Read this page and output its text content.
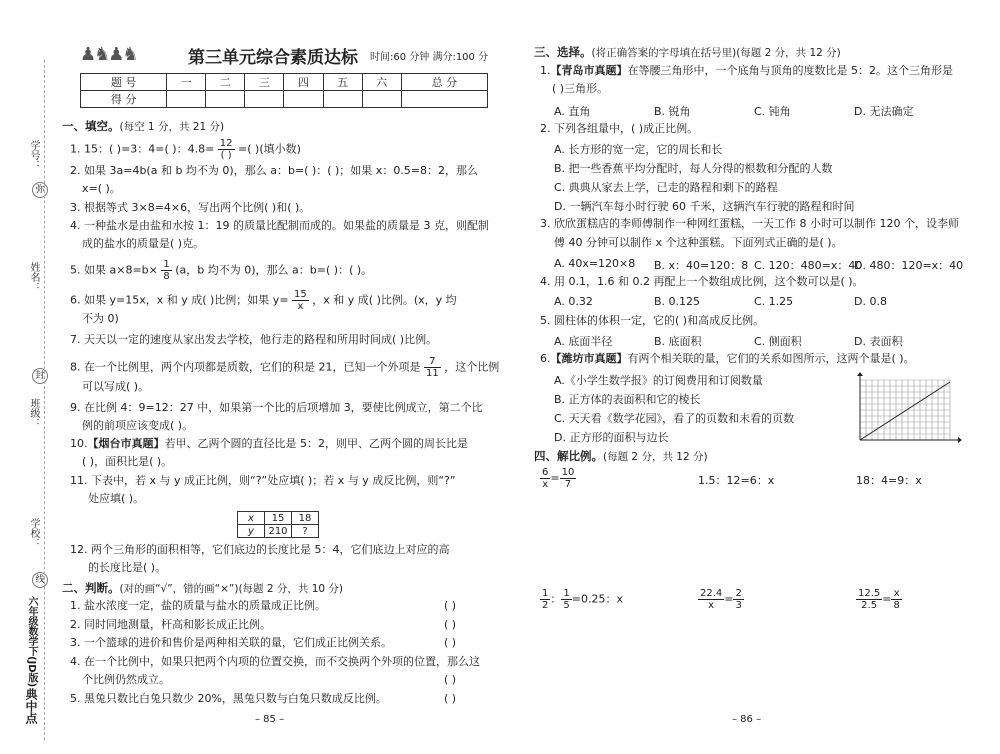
学号：
弥
姓名：
封
班级：
学校：
线
六年级数学下(JD版)
典中点
♟♞♟♞	第三单元综合素质达标 时间:60 分钟 满分:100 分
题 号	一	二	三	四	五	六	总 分
得 分							
一、填空。(每空 1 分，共 21 分)
1. 15：( )=3：4=( )：$4.8= \frac{12}{( )}$ =( )(填小数)
2. 如果 3a=4b(a 和 b 均不为 0)，那么 a：b=( )：( )；如果 x：0.5=8：2，那么
x=( )。
3. 根据等式 3×8=4×6，写出两个比例( )和( )。
4. 一种盐水是由盐和水按 1：19 的质量比配制而成的。如果盐的质量是 3 克，则配制
成的盐水的质量是( )克。
5. 如果 $a\times 8=b\times \frac{1}{8} (a$，b 均不为 0)，那么 a：b=( )：( )。
6. 如果 y=15x，x 和 y 成( )比例；如果 $y= \frac{15}{x}$ ，x 和 y 成( )比例。(x，y 均
不为 0)
7. 天天以一定的速度从家出发去学校，他行走的路程和所用时间成( )比例。
8. 在一个比例里，两个内项都是质数，它们的积是 21，已知一个外项是 $\frac{7}{11}$ ，这个比例
可以写成( )。
9. 在比例 4：9=12：27 中，如果第一个比的后项增加 3，要使比例成立，第二个比
例的前项应该变成( )。
10.【烟台市真题】若甲、乙两个圆的直径比是 5：2，则甲、乙两个圆的周长比是
( )，面积比是( )。
11. 下表中，若 x 与 y 成正比例，则“?”处应填( )；若 x 与 y 成反比例，则“?”
处应填( )。
x	15	18
y	210	?
12. 两个三角形的面积相等，它们底边的长度比是 5：4，它们底边上对应的高
的长度比是( )。
二、判断。(对的画“√”，错的画“×”)(每题 2 分，共 10 分)
1. 盐水浓度一定，盐的质量与盐水的质量成正比例。	( )
2. 同时同地测量，杆高和影长成正比例。	( )
3. 一个篮球的进价和售价是两种相关联的量，它们成正比例关系。	( )
4. 在一个比例中，如果只把两个内项的位置交换，而不交换两个外项的位置，那么这
个比例仍然成立。	( )
5. 黑兔只数比白兔只数少 20%，黑兔只数与白兔只数成反比例。	( )
– 85 –
三、选择。(将正确答案的字母填在括号里)(每题 2 分，共 12 分)
1.【青岛市真题】在等腰三角形中，一个底角与顶角的度数比是 5：2。这个三角形是
( )三角形。
A. 直角	B. 锐角	C. 钝角	D. 无法确定
2. 下列各组量中，( )成正比例。
A. 长方形的宽一定，它的周长和长
B. 把一些香蕉平均分配时，每人分得的根数和分配的人数
C. 典典从家去上学，已走的路程和剩下的路程
D. 一辆汽车每小时行驶 60 千米，这辆汽车行驶的路程和时间
3. 欣欣蛋糕店的李师傅制作一种网红蛋糕，一天工作 8 小时可以制作 120 个，设李师
傅 40 分钟可以制作 x 个这种蛋糕。下面列式正确的是( )。
A. 40x=120×8 B. x：40=120：8 C. 120：480=x：40
D. 480：120=x：40
4. 用 0.1，1.6 和 0.2 再配上一个数组成比例，这个数可以是( )。
A. 0.32	B. 0.125	C. 1.25	D. 0.8
5. 圆柱体的体积一定，它的( )和高成反比例。
A. 底面半径	B. 底面积	C. 侧面积	D. 表面积
6.【潍坊市真题】有两个相关联的量，它们的关系如图所示，这两个量是( )。
A.《小学生数学报》的订阅费用和订阅数量
B. 正方体的表面积和它的棱长
C. 天天看《数学花园》，看了的页数和未看的页数
D. 正方形的面积与边长
四、解比例。(每题 2 分，共 12 分)
$\frac{6}{x} = \frac{10}{7}$	1.5：12=6：x	18：4=9：x
$\frac{1}{2}$ ： $\frac{1}{5} =0.25$：x	$\frac{22.4}{x} = \frac{2}{3}$	$\frac{12.5}{2.5} = \frac{x}{8}$
– 86 –
